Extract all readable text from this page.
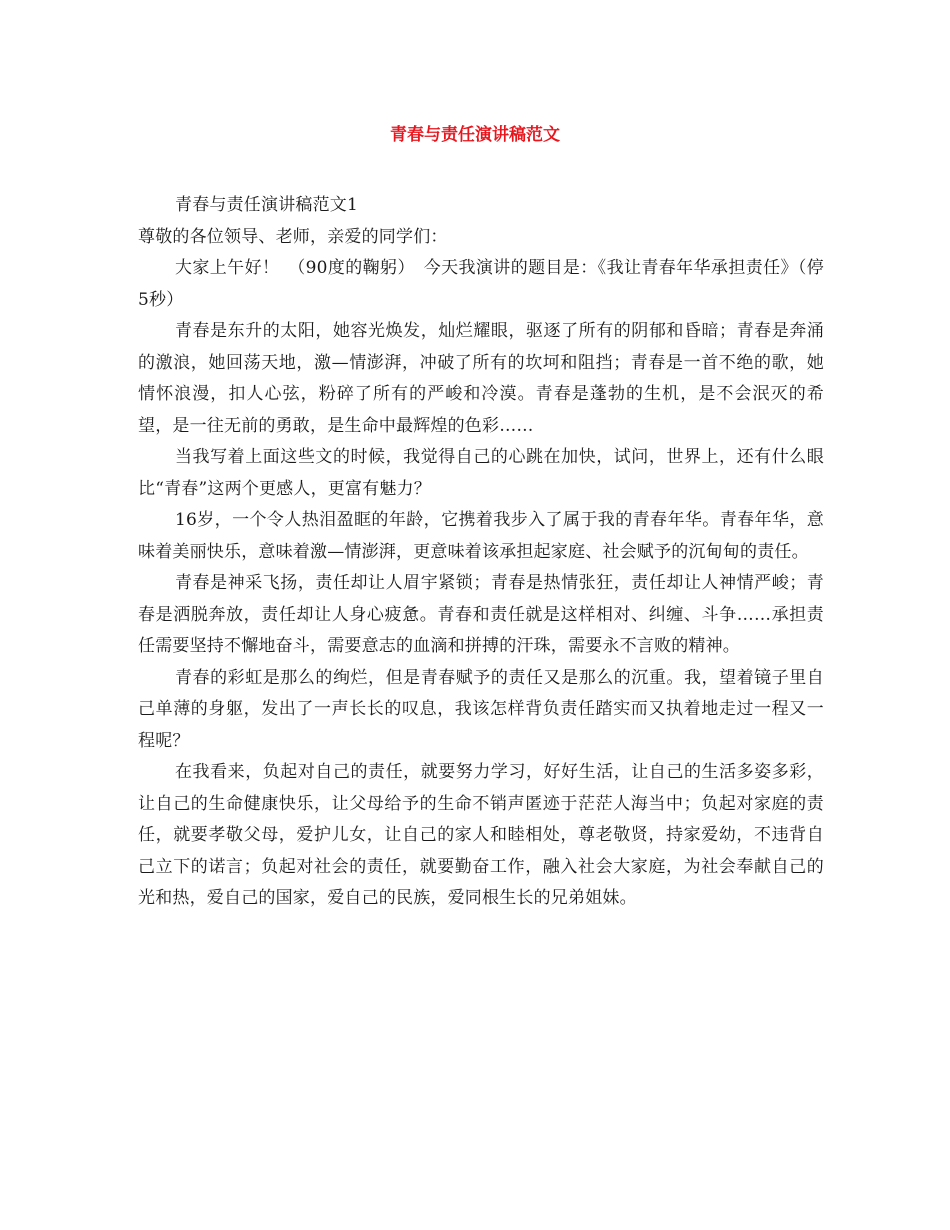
青春与责任演讲稿范文

青春与责任演讲稿范文1

尊敬的各位领导、老师，亲爱的同学们：

大家上午好！　（90度的鞠躬）　今天我演讲的题目是：《我让青春年华承担责任》（停5秒）

青春是东升的太阳，她容光焕发，灿烂耀眼，驱逐了所有的阴郁和昏暗；青春是奔涌的激浪，她回荡天地，激—情澎湃，冲破了所有的坎坷和阻挡；青春是一首不绝的歌，她情怀浪漫，扣人心弦，粉碎了所有的严峻和冷漠。青春是蓬勃的生机，是不会泯灭的希望，是一往无前的勇敢，是生命中最辉煌的色彩……

当我写着上面这些文的时候，我觉得自己的心跳在加快，试问，世界上，还有什么眼比“青春”这两个更感人，更富有魅力？

16岁，一个令人热泪盈眶的年龄，它携着我步入了属于我的青春年华。青春年华，意味着美丽快乐，意味着激—情澎湃，更意味着该承担起家庭、社会赋予的沉甸甸的责任。

青春是神采飞扬，责任却让人眉宇紧锁；青春是热情张狂，责任却让人神情严峻；青春是洒脱奔放，责任却让人身心疲惫。青春和责任就是这样相对、纠缠、斗争……承担责任需要坚持不懈地奋斗，需要意志的血滴和拼搏的汗珠，需要永不言败的精神。

青春的彩虹是那么的绚烂，但是青春赋予的责任又是那么的沉重。我，望着镜子里自己单薄的身躯，发出了一声长长的叹息，我该怎样背负责任踏实而又执着地走过一程又一程呢？

在我看来，负起对自己的责任，就要努力学习，好好生活，让自己的生活多姿多彩，让自己的生命健康快乐，让父母给予的生命不销声匿迹于茫茫人海当中；负起对家庭的责任，就要孝敬父母，爱护儿女，让自己的家人和睦相处，尊老敬贤，持家爱幼，不违背自己立下的诺言；负起对社会的责任，就要勤奋工作，融入社会大家庭，为社会奉献自己的光和热，爱自己的国家，爱自己的民族，爱同根生长的兄弟姐妹。
